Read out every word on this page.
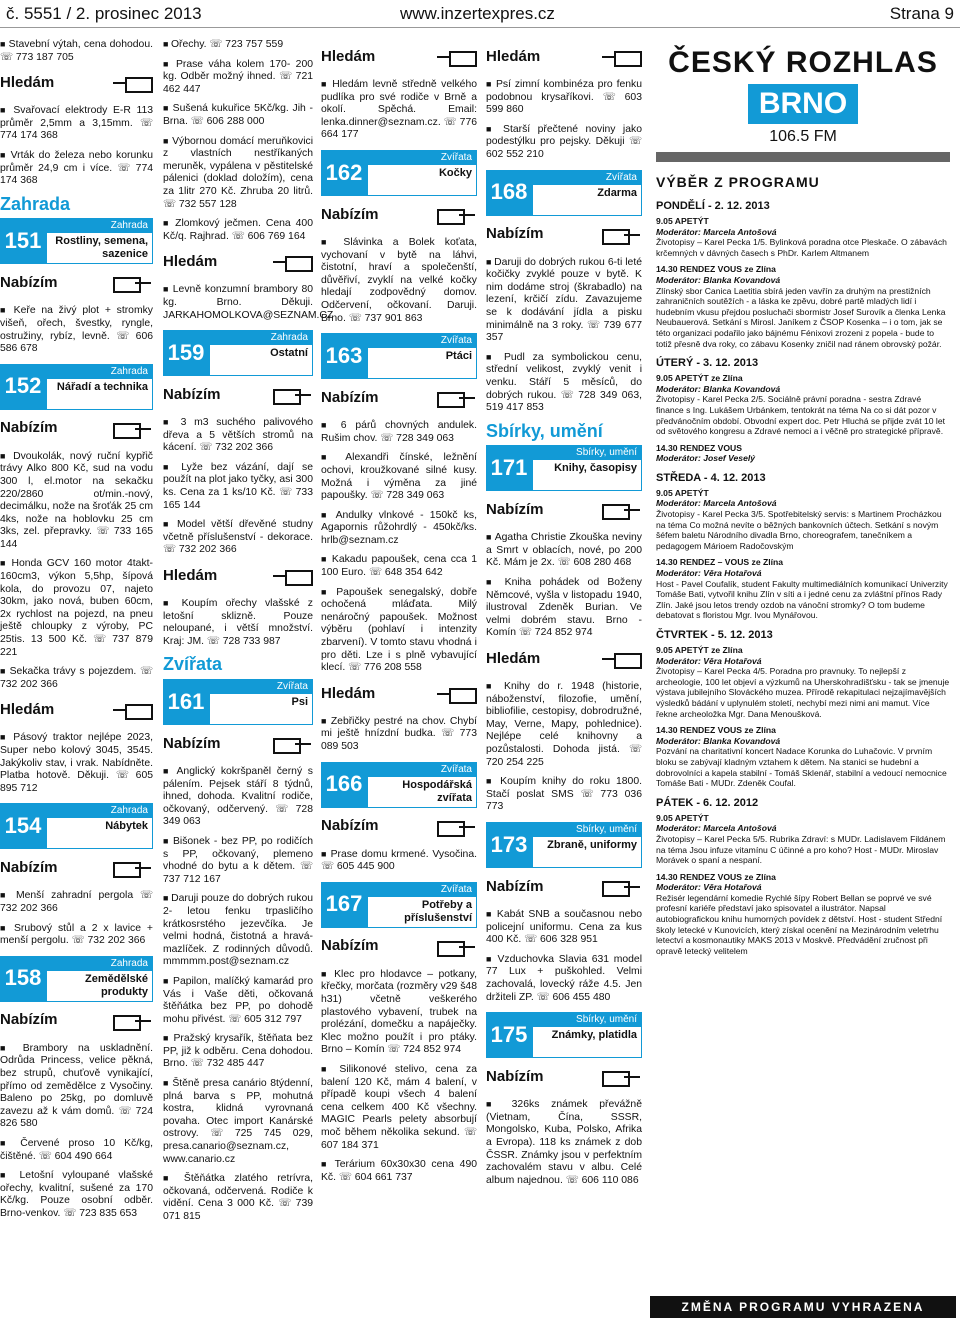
č. 5551 / 2. prosinec 2013	www.inzertexpres.cz	Strana 9
■ Stavební výtah, cena dohodou. ☏ 773 187 705
Hledám
■ Svařovací elektrody E-R 113 průměr 2,5mm a 3,15mm. ☏ 774 174 368
■ Vrták do železa nebo korunku průměr 24,9 cm i více. ☏ 774 174 368
Zahrada
151
Zahrada
Rostliny, semena, sazenice
Nabízím
■ Keře na živý plot + stromky višeň, ořech, švestky, ryngle, ostružiny, rybíz, levně. ☏ 606 586 678
152
Zahrada
Nářadí a technika
Nabízím
■ Dvoukolák, nový ruční kypřič trávy Alko 800 Kč, sud na vodu 300 l, el.motor na sekačku 220/2860 ot/min.-nový, decimálku, nože na šroťák 25 cm 4ks, nože na hoblovku 25 cm 3ks, zel. přepravky. ☏ 733 165 144
■ Honda GCV 160 motor 4takt-160cm3, výkon 5,5hp, šípová kola, do provozu 07, najeto 30km, jako nová, buben 60cm, 2x rychlost na pojezd, na pneu ještě chloupky z výroby, PC 25tis. 13 500 Kč. ☏ 737 879 221
■ Sekačka trávy s pojezdem. ☏ 732 202 366
Hledám
■ Pásový traktor nejlépe 2023, Super nebo kolový 3045, 3545. Jakýkoliv stav, i vrak. Nabídněte. Platba hotově. Děkuji. ☏ 605 895 712
154
Zahrada
Nábytek
Nabízím
■ Menší zahradní pergola ☏ 732 202 366
■ Srubový stůl a 2 x lavice + menší pergolu. ☏ 732 202 366
158
Zahrada
Zemědělské produkty
Nabízím
■ Brambory na uskladnění. Odrůda Princess, velice pěkná, bez strupů, chuťově vynikající, přímo od zemědělce z Vysočiny. Baleno po 25kg, po domluvě zavezu až k vám domů. ☏ 724 826 580
■ Červené proso 10 Kč/kg, čištěné. ☏ 604 490 664
■ Letošní vyloupané vlašské ořechy, kvalitní, sušené za 170 Kč/kg. Pouze osobní odběr. Brno-venkov. ☏ 723 835 653
■ Ořechy. ☏ 723 757 559
■ Prase váha kolem 170- 200 kg. Odběr možný ihned. ☏ 721 462 447
■ Sušená kukuřice 5Kč/kg. Jih - Brna. ☏ 606 288 000
■ Výbornou domácí meruňkovici z vlastních nestříkaných meruněk, vypálena v pěstitelské pálenici (doklad doložím), cena za 1litr 270 Kč. Zhruba 20 litrů. ☏ 732 557 128
■ Zlomkový ječmen. Cena 400 Kč/q. Rajhrad. ☏ 606 769 164
Hledám
■ Levně konzumní brambory 80 kg. Brno. Děkuji. JARKAHOMOLKOVA@SEZNAM.CZ
159
Zahrada
Ostatní
Nabízím
■ 3 m3 suchého palivového dřeva a 5 větších stromů na kácení. ☏ 732 202 366
■ Lyže bez vázání, dají se použít na plot jako tyčky, asi 300 ks. Cena za 1 ks/10 Kč. ☏ 733 165 144
■ Model větší dřevěné studny včetně příslušenství - dekorace. ☏ 732 202 366
Hledám
■ Koupím ořechy vlašské z letošní sklizně. Pouze neloupané, i větší množství. Kraj: JM. ☏ 728 733 987
Zvířata
161
Zvířata
Psi
Nabízím
■ Anglický kokršpaněl černý s pálením. Pejsek stáří 8 týdnů, ihned, dohoda. Kvalitní rodiče, očkovaný, odčervený. ☏ 728 349 063
■ Bišonek - bez PP, po rodičích s PP, očkovaný, plemeno vhodné do bytu a k dětem. ☏ 737 712 167
■ Daruji pouze do dobrých rukou 2- letou fenku trpasličího krátkosrstého jezevčíka. Je velmi hodná, čistotná a hravá-mazlíček. Z rodinných důvodů. mmmmm.post@seznam.cz
■ Papilon, malíčký kamarád pro Vás i Vaše děti, očkovaná štěňátka bez PP, po dohodě mohu přivést. ☏ 605 312 797
■ Pražský krysařík, štěňata bez PP, již k odběru. Cena dohodou. Brno. ☏ 732 485 447
■ Štěně presa canário 8týdenní, plná barva s PP, mohutná kostra, klidná vyrovnaná povaha. Otec import Kanárské ostrovy. ☏ 725 745 029, presa.canario@seznam.cz, www.canario.cz
■ Štěňátka zlatého retrívra, očkovaná, odčervená. Rodiče k vidění. Cena 3 000 Kč. ☏ 739 071 815
Hledám
■ Hledám levně středně velkého pudlíka pro své rodiče v Brně a okolí. Spěchá. Email: lenka.dinner@seznam.cz. ☏ 776 664 177
162
Zvířata
Kočky
Nabízím
■ Slávinka a Bolek koťata, vychovaní v bytě na láhvi, čistotní, hraví a společenští, důvěřiví, zvyklí na velké kočky hledají zodpovědný domov. Odčervení, očkovaní. Daruji. Brno. ☏ 737 901 863
163
Zvířata
Ptáci
Nabízím
■ 6 párů chovných andulek. Rušim chov. ☏ 728 349 063
■ Alexandři čínské, ležnění ochovi, kroužkované silné kusy. Možná i výměna za jiné papoušky. ☏ 728 349 063
■ Andulky vlnkové - 150kč ks, Agapornis růžohrdlý - 450kč/ks. hrlb@seznam.cz
■ Kakadu papoušek, cena cca 1 100 Euro. ☏ 648 354 642
■ Papoušek senegalský, dobře ochočená mláďata. Milý nenáročný papoušek. Možnost výběru (pohlaví i intenzity zbarvení). V tomto stavu vhodná i pro děti. Lze i s plně vybavující klecí. ☏ 776 208 558
Hledám
■ Zebřičky pestré na chov. Chybí mi ještě hnízdní budka. ☏ 773 089 503
166
Zvířata
Hospodářská zvířata
Nabízím
■ Prase domu krmené. Vysočina. ☏ 605 445 900
167
Zvířata
Potřeby a příslušenství
Nabízím
■ Klec pro hlodavce – potkany, křečky, morčata (rozměry v29 š48 h31) včetně veškerého plastového vybavení, trubek na prolézání, domečku a napáječky. Klec možno použít i pro ptáky. Brno – Komín ☏ 724 852 974
■ Silikonové stelivo, cena za balení 120 Kč, mám 4 balení, v případě koupi všech 4 balení cena celkem 400 Kč všechny. MAGIC Pearls pelety absorbují moč během několika sekund. ☏ 607 184 371
■ Terárium 60x30x30 cena 490 Kč. ☏ 604 661 737
Hledám
■ Psí zimní kombinéza pro fenku podobnou krysaříkovi. ☏ 603 599 860
■ Starší přečtené noviny jako podestýlku pro pejsky. Děkuji ☏ 602 552 210
168
Zvířata
Zdarma
Nabízím
■ Daruji do dobrých rukou 6-ti leté kočičky zvyklé pouze v bytě. K nim dodáme stroj (škrabadlo) na lezení, krčičí zídu. Zavazujeme se k dodávání jídla a pisku minimálně na 3 roky. ☏ 739 677 357
■ Pudl za symbolickou cenu, střední velikost, zvyklý venit i venku. Stáří 5 měsíců, do dobrých rukou. ☏ 728 349 063, 519 417 853
Sbírky, umění
171
Sbírky, umění
Knihy, časopisy
Nabízím
■ Agatha Christie Zkouška neviny a Smrt v oblacích, nové, po 200 Kč. Mám je 2x. ☏ 608 280 468
■ Kniha pohádek od Boženy Němcové, vyšla v listopadu 1940, ilustroval Zdeněk Burian. Ve velmi dobrém stavu. Brno - Komín ☏ 724 852 974
Hledám
■ Knihy do r. 1948 (historie, náboženství, filozofie, umění, bibliofilie, cestopisy, dobrodružné, May, Verne, Mapy, pohlednice). Nejlépe celé knihovny a pozůstalosti. Dohoda jistá. ☏ 720 254 225
■ Koupím knihy do roku 1800. Stačí poslat SMS ☏ 773 036 773
173
Sbírky, umění
Zbraně, uniformy
Nabízím
■ Kabát SNB a současnou nebo policejní uniformu. Cena za kus 400 Kč. ☏ 606 328 951
■ Vzduchovka Slavia 631 model 77 Lux + puškohled. Velmi zachovalá, lovecký ráže 4.5. Jen držiteli ZP. ☏ 606 455 480
175
Sbírky, umění
Známky, platidla
Nabízím
■ 326ks známek převážně (Vietnam, Čína, SSSR, Mongolsko, Kuba, Polsko, Afrika a Evropa). 118 ks známek z dob ČSSR. Známky jsou v perfektním zachovalém stavu v albu. Celé album najednou. ☏ 606 110 086
ČESKÝ ROZHLAS
ČESKÝ ROZHLAS
BRNO
106.5 FM
VÝBĚR Z PROGRAMU
PONDĚLÍ - 2. 12. 2013
9.05 APETÝT
Moderátor: Marcela Antošová
Životopisy – Karel Pecka 1/5. Bylinková poradna otce Pleskače. O zábavách krčemných v dávných časech s PhDr. Karlem Altmanem
14.30 RENDEZ VOUS ze Zlína
Moderátor: Blanka Kovandová
Zlínský sbor Canica Laetitia sbírá jeden vavřín za druhým na prestižních zahraničních soutěžích - a láska ke zpěvu, dobré partě mladých lidí i hudebním vkusu přejdou posluchači sbormistr Josef Surovík a členka Lenka Neubauerová. Setkání s Mirosl. Janíkem z ČSOP Kosenka – i o tom, jak se této organizaci podařilo jako bájnému Fénixovi zrozeni z popela - bude to totiž přesně dva roky, co zábavu Kosenky zničil nad ránem obrovský požár.
ÚTERÝ - 3. 12. 2013
9.05 APETÝT ze Zlína
Moderátor: Blanka Kovandová
Životopisy - Karel Pecka 2/5. Sociálně právní poradna - sestra Zdravé finance s Ing. Lukášem Urbánkem, tentokrát na téma Na co si dát pozor v předvánočním období. Obvodní expert doc. Petr Hluchá se přijde zvát 10 let od světového kongresu a Zdravé nemoci a i věčně pro strategické přípravě.
14.30 RENDEZ VOUS
Moderátor: Josef Veselý
STŘEDA - 4. 12. 2013
9.05 APETÝT
Moderátor: Marcela Antošová
Životopisy - Karel Pecka 3/5. Spotřebitelský servis: s Martinem Procházkou na téma Co možná nevíte o běžných bankovních účtech. Setkání s novým šéfem baletu Národního divadla Brno, choreografem, tanečníkem a pedagogem Márioem Radočovským
14.30 RENDEZ – VOUS ze Zlína
Moderátor: Věra Hotařová
Host - Pavel Coufalík, student Fakulty multimediálních komunikací Univerzity Tomáše Bati, vytvořil knihu Zlín v síti a i jedné cenu za zvláštní přínos Rady Zlín. Jaké jsou letos trendy ozdob na vánoční stromky? O tom budeme debatovat s floristou Mgr. Ivou Mynářovou.
ČTVRTEK - 5. 12. 2013
9.05 APETÝT ze Zlína
Moderátor: Věra Hotařová
Životopisy – Karel Pecka 4/5. Poradna pro pravnuky. To nejlepší z archeologie, 100 let objeví a výzkumů na Uherskohradišťsku - tak se jmenuje výstava jubilejního Slováckého muzea. Přírodě rekapitulaci nejzajímavějších výsledků bádání v uplynulém století, nechybí mezi nimi ani mamut. Více řekne archeoložka Mgr. Dana Menoušková.
14.30 RENDEZ VOUS ze Zlína
Moderátor: Blanka Kovandová
Pozvání na charitativní koncert Nadace Korunka do Luhačovic. V prvním bloku se zabývají kladným vztahem k dětem. Na stanici se hudební a dobrovolníci a kapela stabilní - Tomáš Sklenář, stabilní a vedoucí nemocnice Tomáše Bati - MUDr. Zdeněk Coufal.
PÁTEK - 6. 12. 2012
9.05 APETÝT
Moderátor: Marcela Antošová
Životopisy – Karel Pecka 5/5. Rubrika Zdraví: s MUDr. Ladislavem Fildánem na téma Jsou infuze vitamínu C účinné a pro koho? Host - MUDr. Miroslav Morávek o spaní a nespaní.
14.30 RENDEZ VOUS ze Zlína
Moderátor: Věra Hotařová
Režisér legendární komedie Rychlé šípy Robert Bellan se poprvé ve své profesní kariéře představí jako spisovatel a ilustrátor. Napsal autobiografickou knihu humorných povídek z dětství. Host - student Střední školy letecké v Kunovicích, který získal ocenění na Mezinárodním veletrhu letectví a kosmonautiky MAKS 2013 v Moskvě. Předvádění zručnost při opravě letecký velitelem
ZMĚNA PROGRAMU VYHRAZENA
